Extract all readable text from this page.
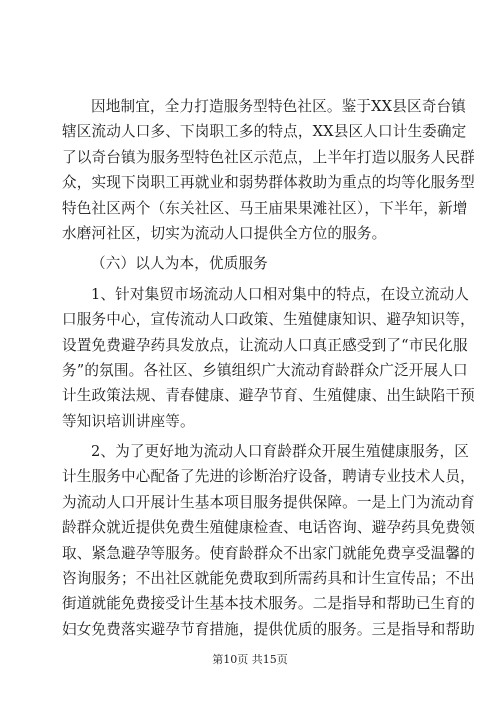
因地制宜，全力打造服务型特色社区。鉴于XX县区奇台镇
辖区流动人口多、下岗职工多的特点，XX县区人口计生委确定
了以奇台镇为服务型特色社区示范点，上半年打造以服务人民群
众，实现下岗职工再就业和弱势群体救助为重点的均等化服务型
特色社区两个（东关社区、马王庙果果滩社区），下半年，新增
水磨河社区，切实为流动人口提供全方位的服务。
（六）以人为本，优质服务
1、针对集贸市场流动人口相对集中的特点，在设立流动人
口服务中心，宣传流动人口政策、生殖健康知识、避孕知识等，
设置免费避孕药具发放点，让流动人口真正感受到了“市民化服
务”的氛围。各社区、乡镇组织广大流动育龄群众广泛开展人口
计生政策法规、青春健康、避孕节育、生殖健康、出生缺陷干预
等知识培训讲座等。
2、为了更好地为流动人口育龄群众开展生殖健康服务，区
计生服务中心配备了先进的诊断治疗设备，聘请专业技术人员，
为流动人口开展计生基本项目服务提供保障。一是上门为流动育
龄群众就近提供免费生殖健康检查、电话咨询、避孕药具免费领
取、紧急避孕等服务。使育龄群众不出家门就能免费享受温馨的
咨询服务；不出社区就能免费取到所需药具和计生宣传品；不出
街道就能免费接受计生基本技术服务。二是指导和帮助已生育的
妇女免费落实避孕节育措施，提供优质的服务。三是指导和帮助
第10页 共15页
